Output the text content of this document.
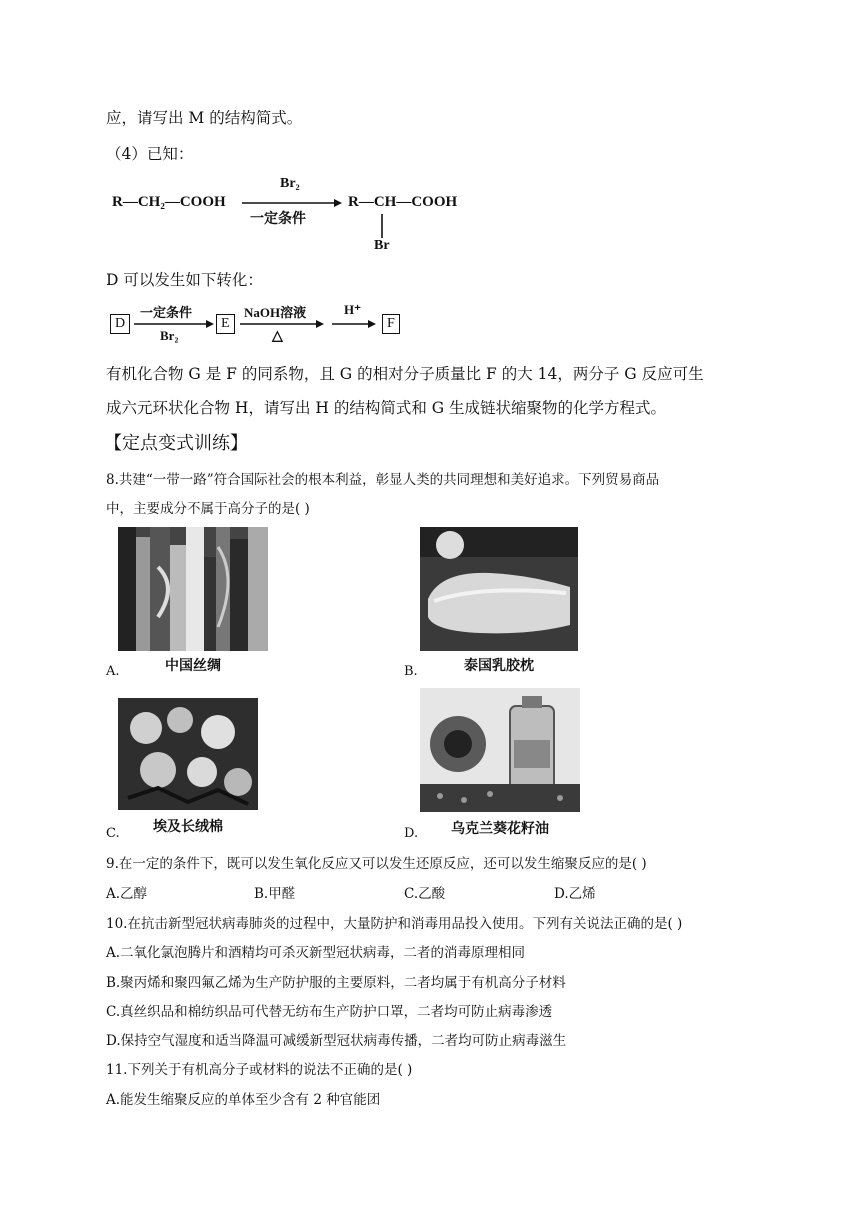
应，请写出 M 的结构简式。
（4）已知：
R—CH₂—COOH
Br₂
一定条件
R—CH—COOH
Br
D 可以发生如下转化：
D
一定条件
Br₂
E
NaOH溶液
△
H⁺
→ F
有机化合物 G 是 F 的同系物，且 G 的相对分子质量比 F 的大 14，两分子 G 反应可生
成六元环状化合物 H，请写出 H 的结构简式和 G 生成链状缩聚物的化学方程式。
【定点变式训练】
8.共建“一带一路”符合国际社会的根本利益，彰显人类的共同理想和美好追求。下列贸易商品
中，主要成分不属于高分子的是( )
中国丝绸
A.	泰国乳胶枕
B.
埃及长绒棉
C.	乌克兰葵花籽油
D.
9.在一定的条件下，既可以发生氧化反应又可以发生还原反应，还可以发生缩聚反应的是( )
A.乙醇	B.甲醛	C.乙酸	D.乙烯
10.在抗击新型冠状病毒肺炎的过程中，大量防护和消毒用品投入使用。下列有关说法正确的是( )
A.二氧化氯泡腾片和酒精均可杀灭新型冠状病毒，二者的消毒原理相同
B.聚丙烯和聚四氟乙烯为生产防护服的主要原料，二者均属于有机高分子材料
C.真丝织品和棉纺织品可代替无纺布生产防护口罩，二者均可防止病毒渗透
D.保持空气湿度和适当降温可减缓新型冠状病毒传播，二者均可防止病毒滋生
11.下列关于有机高分子或材料的说法不正确的是( )
A.能发生缩聚反应的单体至少含有 2 种官能团
